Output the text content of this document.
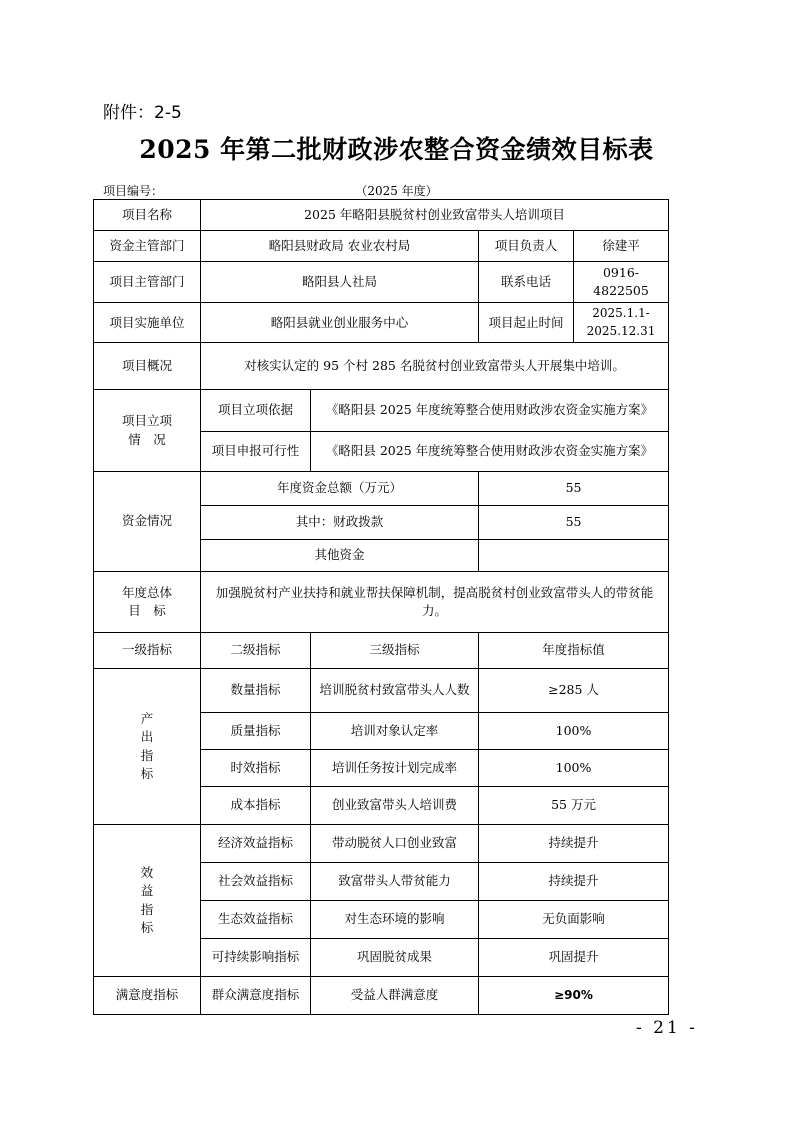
附件：2-5
2025 年第二批财政涉农整合资金绩效目标表
项目编号：	（2025 年度）
项目名称	2025 年略阳县脱贫村创业致富带头人培训项目			
资金主管部门	略阳县财政局 农业农村局		项目负责人	徐建平
项目主管部门	略阳县人社局		联系电话	0916-4822505
项目实施单位	略阳县就业创业服务中心		项目起止时间	2025.1.1-2025.12.31
项目概况	对核实认定的 95 个村 285 名脱贫村创业致富带头人开展集中培训。			

项目立项
情　况	项目立项依据	《略阳县 2025 年度统筹整合使用财政涉农资金实施方案》		
	项目申报可行性	《略阳县 2025 年度统筹整合使用财政涉农资金实施方案》		
资金情况	年度资金总额（万元）		55	
	其中：财政拨款		55	
	其他资金			

年度总体
目　标	加强脱贫村产业扶持和就业帮扶保障机制，提高脱贫村创业致富带头人的带贫能力。			
一级指标	二级指标	三级指标	年度指标值	

产
出
指
标	数量指标	培训脱贫村致富带头人人数	≥285 人	
	质量指标	培训对象认定率	100%	
	时效指标	培训任务按计划完成率	100%	
	成本指标	创业致富带头人培训费	55 万元	

效
益
指
标	经济效益指标	带动脱贫人口创业致富	持续提升	
	社会效益指标	致富带头人带贫能力	持续提升	
	生态效益指标	对生态环境的影响	无负面影响	
	可持续影响指标	巩固脱贫成果	巩固提升	
满意度指标	群众满意度指标	受益人群满意度	≥90%	
- 21 -
